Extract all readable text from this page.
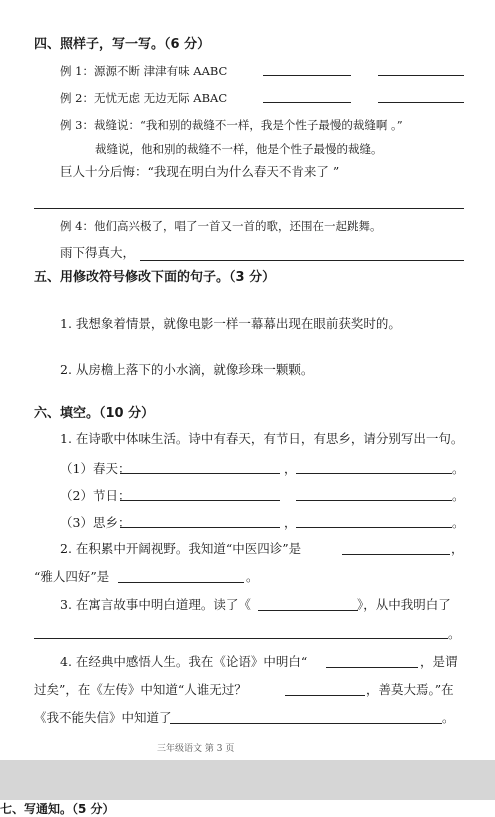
四、照样子，写一写。（6 分）
例 1：源源不断 津津有味 AABC
例 2：无忧无虑 无边无际 ABAC
例 3：裁缝说：“我和别的裁缝不一样，我是个性子最慢的裁缝啊 。”
裁缝说，他和别的裁缝不一样，他是个性子最慢的裁缝。
巨人十分后悔：“我现在明白为什么春天不肯来了 ”
例 4：他们高兴极了，唱了一首又一首的歌，还围在一起跳舞。
雨下得真大，
五、用修改符号修改下面的句子。（3 分）
1. 我想象着情景，就像电影一样一幕幕出现在眼前获奖时的。
2. 从房檐上落下的小水滴，就像珍珠一颗颗。
六、填空。（10 分）
1. 在诗歌中体味生活。诗中有春天，有节日，有思乡，请分别写出一句。
（1）春天：	，	。
（2）节日：	。
（3）思乡：	，	。
2. 在积累中开阔视野。我知道“中医四诊”是	，
“雅人四好”是	。
3. 在寓言故事中明白道理。读了《	》，从中我明白了
。
4. 在经典中感悟人生。我在《论语》中明白“	，是谓
过矣”，在《左传》中知道“人谁无过？	，善莫大焉。”在
《我不能失信》中知道了	。
三年级语文 第 3 页
七、写通知。（5 分）
